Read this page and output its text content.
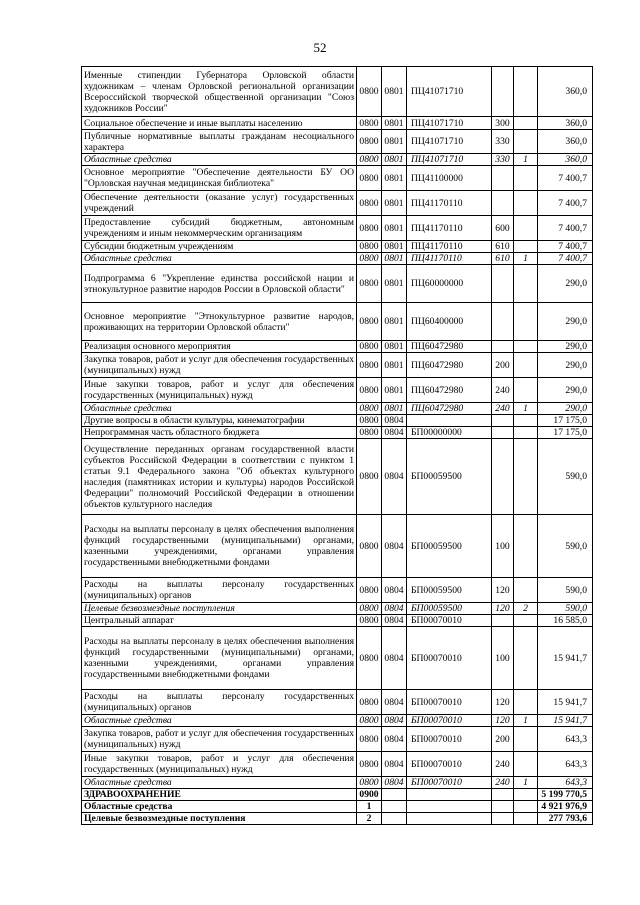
52
Именные стипендии Губернатора Орловской области художникам – членам Орловской региональной организации Всероссийской творческой общественной организации "Союз художников России"	0800	0801	ПЦ41071710			360,0
Социальное обеспечение и иные выплаты населению	0800	0801	ПЦ41071710	300		360,0
Публичные нормативные выплаты гражданам несоциального характера	0800	0801	ПЦ41071710	330		360,0
Областные средства	0800	0801	ПЦ41071710	330	1	360,0
Основное мероприятие "Обеспечение деятельности БУ ОО "Орловская научная медицинская библиотека"	0800	0801	ПЦ41100000			7 400,7
Обеспечение деятельности (оказание услуг) государственных учреждений	0800	0801	ПЦ41170110			7 400,7
Предоставление субсидий бюджетным, автономным учреждениям и иным некоммерческим организациям	0800	0801	ПЦ41170110	600		7 400,7
Субсидии бюджетным учреждениям	0800	0801	ПЦ41170110	610		7 400,7
Областные средства	0800	0801	ПЦ41170110	610	1	7 400,7
Подпрограмма 6 "Укрепление единства российской нации и этнокультурное развитие народов России в Орловской области"	0800	0801	ПЦ60000000			290,0
Основное мероприятие "Этнокультурное развитие народов, проживающих на территории Орловской области"	0800	0801	ПЦ60400000			290,0
Реализация основного мероприятия	0800	0801	ПЦ60472980			290,0
Закупка товаров, работ и услуг для обеспечения государственных (муниципальных) нужд	0800	0801	ПЦ60472980	200		290,0
Иные закупки товаров, работ и услуг для обеспечения государственных (муниципальных) нужд	0800	0801	ПЦ60472980	240		290,0
Областные средства	0800	0801	ПЦ60472980	240	1	290,0
Другие вопросы в области культуры, кинематографии	0800	0804				17 175,0
Непрограммная часть областного бюджета	0800	0804	БП00000000			17 175,0
Осуществление переданных органам государственной власти субъектов Российской Федерации в соответствии с пунктом 1 статьи 9.1 Федерального закона "Об объектах культурного наследия (памятниках истории и культуры) народов Российской Федерации" полномочий Российской Федерации в отношении объектов культурного наследия	0800	0804	БП00059500			590,0
Расходы на выплаты персоналу в целях обеспечения выполнения функций государственными (муниципальными) органами, казенными учреждениями, органами управления государственными внебюджетными фондами	0800	0804	БП00059500	100		590,0
Расходы на выплаты персоналу государственных (муниципальных) органов	0800	0804	БП00059500	120		590,0
Целевые безвозмездные поступления	0800	0804	БП00059500	120	2	590,0
Центральный аппарат	0800	0804	БП00070010			16 585,0
Расходы на выплаты персоналу в целях обеспечения выполнения функций государственными (муниципальными) органами, казенными учреждениями, органами управления государственными внебюджетными фондами	0800	0804	БП00070010	100		15 941,7
Расходы на выплаты персоналу государственных (муниципальных) органов	0800	0804	БП00070010	120		15 941,7
Областные средства	0800	0804	БП00070010	120	1	15 941,7
Закупка товаров, работ и услуг для обеспечения государственных (муниципальных) нужд	0800	0804	БП00070010	200		643,3
Иные закупки товаров, работ и услуг для обеспечения государственных (муниципальных) нужд	0800	0804	БП00070010	240		643,3
Областные средства	0800	0804	БП00070010	240	1	643,3
ЗДРАВООХРАНЕНИЕ	0900					5 199 770,5
Областные средства	1					4 921 976,9
Целевые безвозмездные поступления	2					277 793,6
